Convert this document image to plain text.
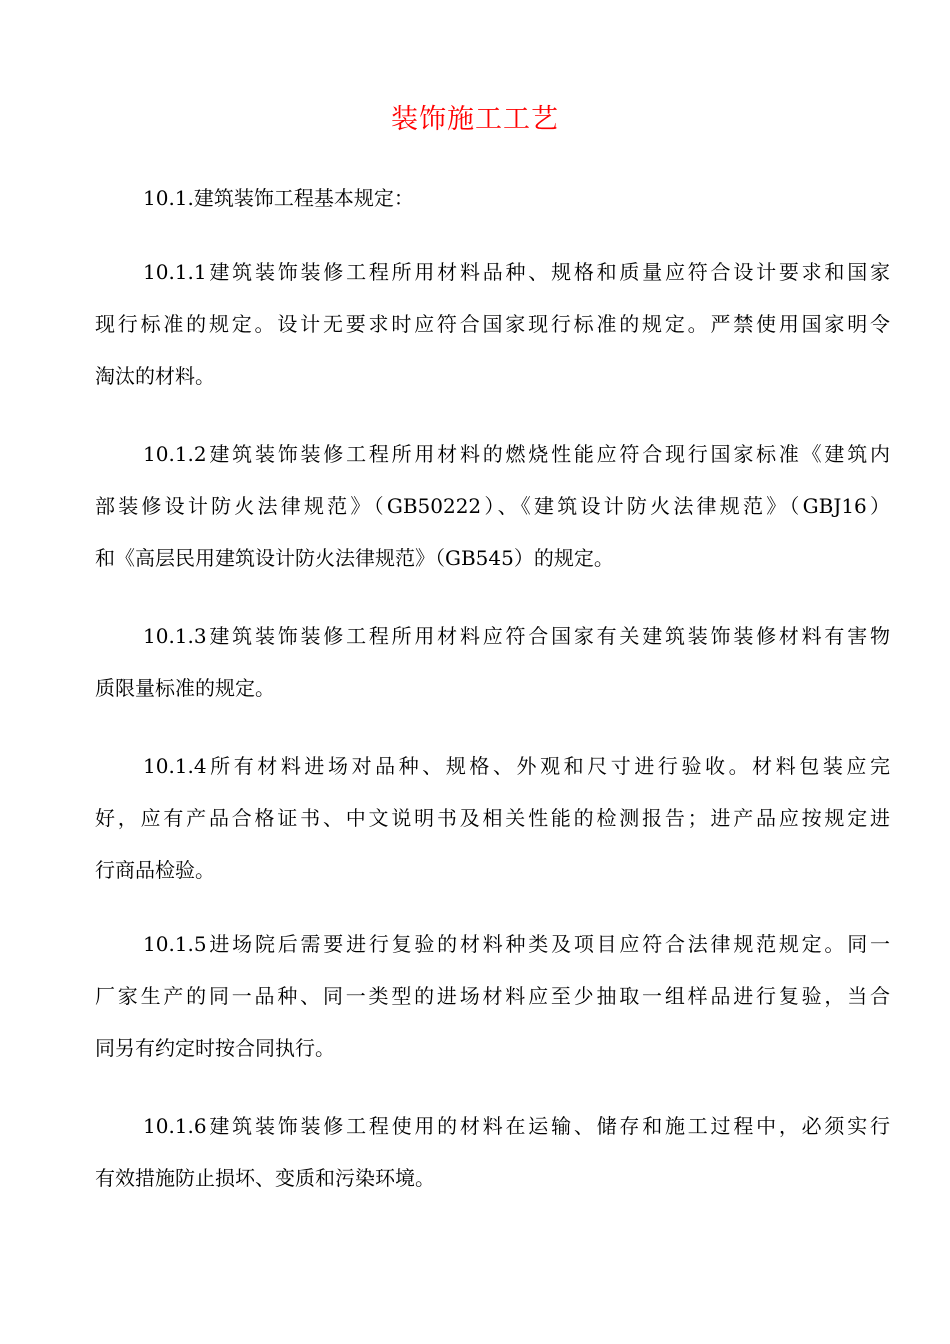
装饰施工工艺

10.1.建筑装饰工程基本规定：

10.1.1建筑装饰装修工程所用材料品种、规格和质量应符合设计要求和国家
现行标准的规定。设计无要求时应符合国家现行标准的规定。严禁使用国家明令
淘汰的材料。
10.1.2建筑装饰装修工程所用材料的燃烧性能应符合现行国家标准《建筑内
部装修设计防火法律规范》（GB50222）、《建筑设计防火法律规范》（GBJ16）
和《高层民用建筑设计防火法律规范》（GB545）的规定。
10.1.3建筑装饰装修工程所用材料应符合国家有关建筑装饰装修材料有害物
质限量标准的规定。
10.1.4所有材料进场对品种、规格、外观和尺寸进行验收。材料包装应完
好，应有产品合格证书、中文说明书及相关性能的检测报告；进产品应按规定进
行商品检验。
10.1.5进场院后需要进行复验的材料种类及项目应符合法律规范规定。同一
厂家生产的同一品种、同一类型的进场材料应至少抽取一组样品进行复验，当合
同另有约定时按合同执行。
10.1.6建筑装饰装修工程使用的材料在运输、储存和施工过程中，必须实行
有效措施防止损坏、变质和污染环境。
